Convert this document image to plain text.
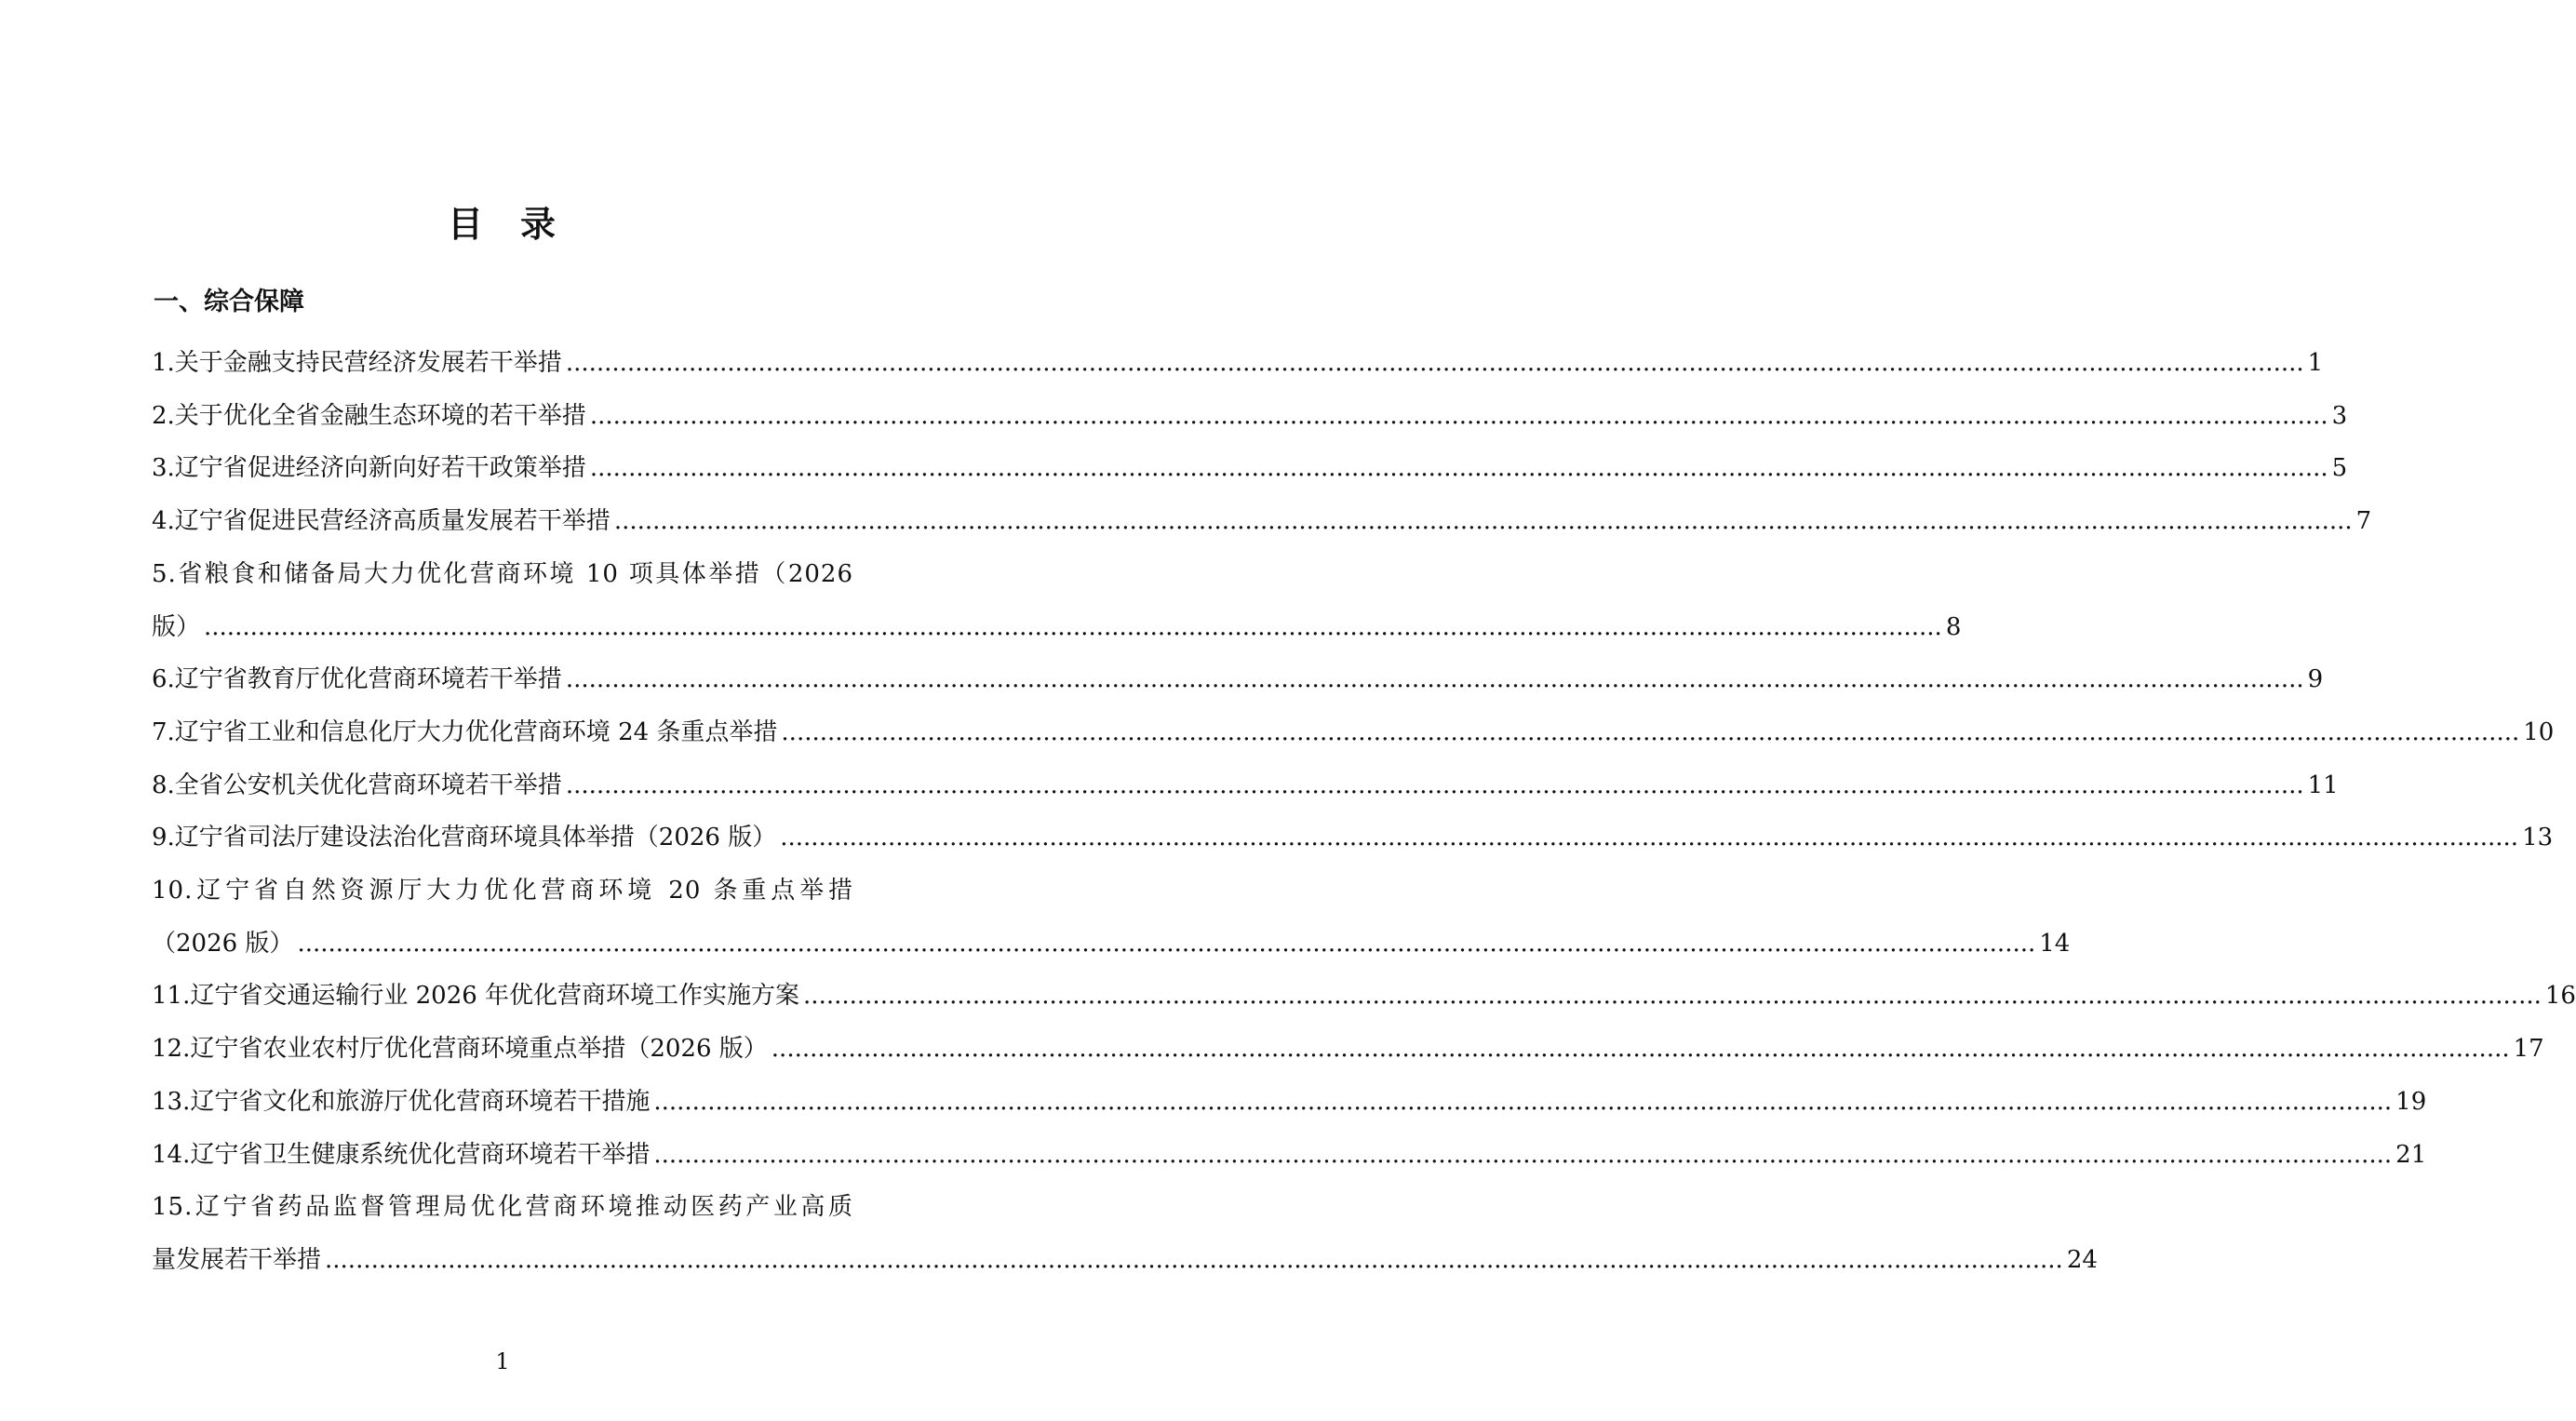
目 录
一、综合保障
1.关于金融支持民营经济发展若干举措 .....	1
2.关于优化全省金融生态环境的若干举措 .....	3
3.辽宁省促进经济向新向好若干政策举措 .....	5
4.辽宁省促进民营经济高质量发展若干举措 .....	7
5.省粮食和储备局大力优化营商环境 10 项具体举措（2026
版） .....	8
6.辽宁省教育厅优化营商环境若干举措 .....	9
7.辽宁省工业和信息化厅大力优化营商环境 24 条重点举措 .....	10
8.全省公安机关优化营商环境若干举措 .....	11
9.辽宁省司法厅建设法治化营商环境具体举措（2026 版） .....	13
10.辽宁省自然资源厅大力优化营商环境 20 条重点举措
（2026 版） .....	14
11.辽宁省交通运输行业 2026 年优化营商环境工作实施方案 .....	16
12.辽宁省农业农村厅优化营商环境重点举措（2026 版） .....	17
13.辽宁省文化和旅游厅优化营商环境若干措施 .....	19
14.辽宁省卫生健康系统优化营商环境若干举措 .....	21
15.辽宁省药品监督管理局优化营商环境推动医药产业高质
量发展若干举措 .....	24
1
